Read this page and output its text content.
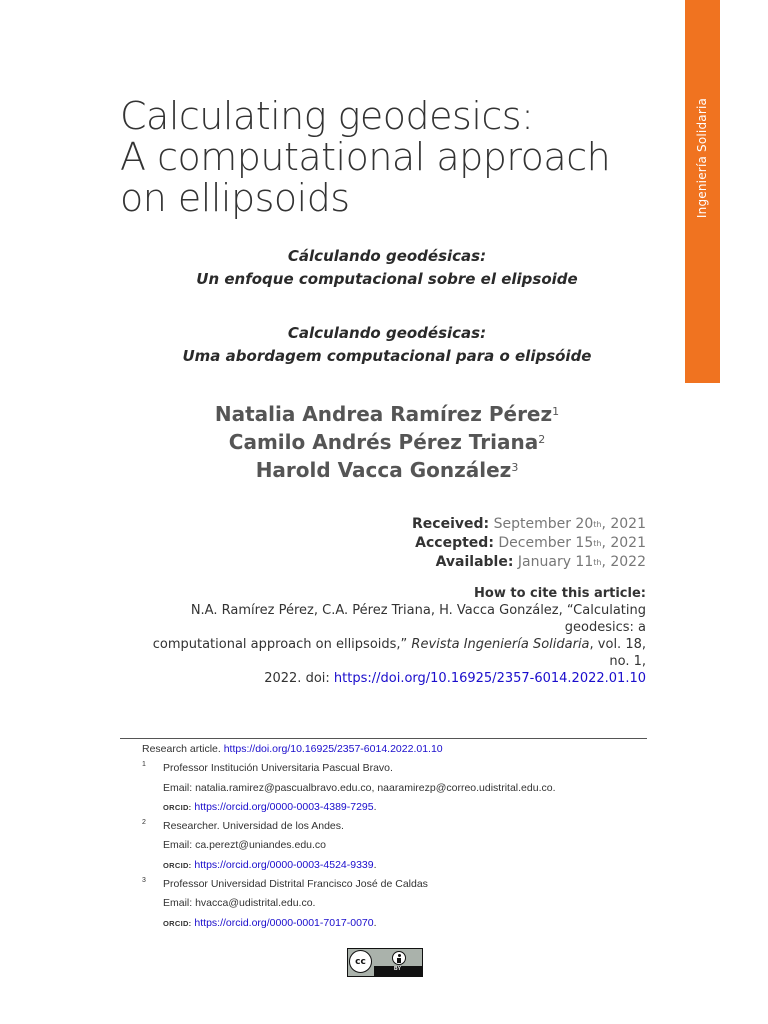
Ingeniería Solidaria
Calculating geodesics:
A computational approach
on ellipsoids
Cálculando geodésicas:
Un enfoque computacional sobre el elipsoide
Calculando geodésicas:
Uma abordagem computacional para o elipsóide
Natalia Andrea Ramírez Pérez$^1$
Camilo Andrés Pérez Triana$^2$
Harold Vacca González$^3$
Received: September 20th, 2021
Accepted: December 15th, 2021
Available: January 11th, 2022
How to cite this article:
N.A. Ramírez Pérez, C.A. Pérez Triana, H. Vacca González, “Calculating geodesics: a
computational approach on ellipsoids,” Revista Ingeniería Solidaria, vol. 18, no. 1,
2022. doi: https://doi.org/10.16925/2357-6014.2022.01.10
Research article. https://doi.org/10.16925/2357-6014.2022.01.10
1 Professor Institución Universitaria Pascual Bravo.
Email: natalia.ramirez@pascualbravo.edu.co, naaramirezp@correo.udistrital.edu.co.
ORCID: https://orcid.org/0000-0003-4389-7295.
2 Researcher. Universidad de los Andes.
Email: ca.perezt@uniandes.edu.co
ORCID: https://orcid.org/0000-0003-4524-9339.
3 Professor Universidad Distrital Francisco José de Caldas
Email: hvacca@udistrital.edu.co.
ORCID: https://orcid.org/0000-0001-7017-0070.
cc
BY
